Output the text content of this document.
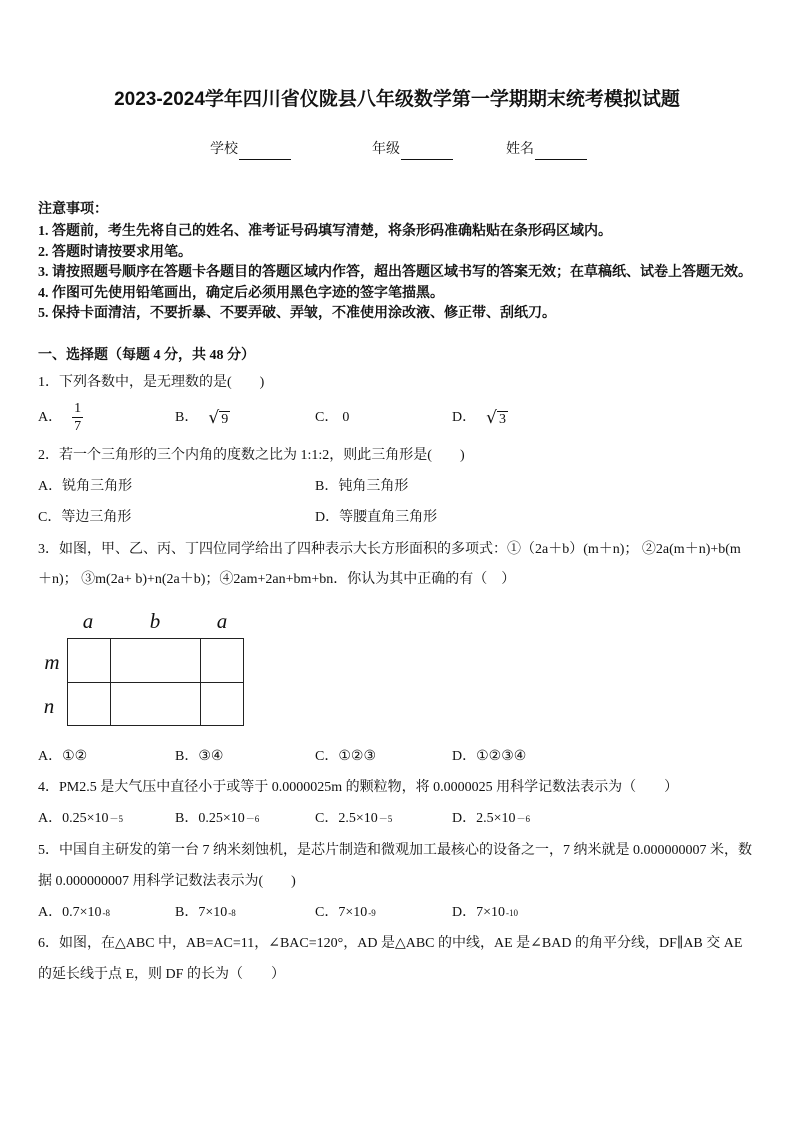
2023-2024学年四川省仪陇县八年级数学第一学期期末统考模拟试题
学校	年级	姓名
注意事项：
1. 答题前，考生先将自己的姓名、准考证号码填写清楚，将条形码准确粘贴在条形码区域内。
2. 答题时请按要求用笔。
3. 请按照题号顺序在答题卡各题目的答题区域内作答，超出答题区域书写的答案无效；在草稿纸、试卷上答题无效。
4. 作图可先使用铅笔画出，确定后必须用黑色字迹的签字笔描黑。
5. 保持卡面清洁，不要折暴、不要弄破、弄皱，不准使用涂改液、修正带、刮纸刀。
一、选择题（每题 4 分，共 48 分）
1．下列各数中，是无理数的是(　　)
A． $\frac{1}{7}$	B． √ 9	C． 0	D． √ 3
2．若一个三角形的三个内角的度数之比为 1:1:2，则此三角形是(　　)
A． 锐角三角形	B． 钝角三角形
C． 等边三角形	D． 等腰直角三角形
3．如图，甲、乙、丙、丁四位同学给出了四种表示大长方形面积的多项式：①（2a＋b）(m＋n)； ②2a(m＋n)+b(m
＋n)； ③m(2a+ b)+n(2a＋b)；④2am+2an+bm+bn．你认为其中正确的有（　）
a	b	a
m
n

A． ①②	B． ③④	C． ①②③	D． ①②③④
4．PM2.5 是大气压中直径小于或等于 0.0000025m 的颗粒物，将 0.0000025 用科学记数法表示为（　　）
A． 0.25×10 －5	B． 0.25×10 －6	C． 2.5×10 －5	D． 2.5×10 －6
5．中国自主研发的第一台 7 纳米刻蚀机，是芯片制造和微观加工最核心的设备之一，7 纳米就是 0.000000007 米，数
据 0.000000007 用科学记数法表示为(　　)
A． 0.7×10 -8	B． 7×10 -8	C． 7×10 -9	D． 7×10 -10
6．如图，在△ABC 中，AB=AC=11，∠BAC=120°，AD 是△ABC 的中线，AE 是∠BAD 的角平分线，DF∥AB 交 AE
的延长线于点 E，则 DF 的长为（　　）
